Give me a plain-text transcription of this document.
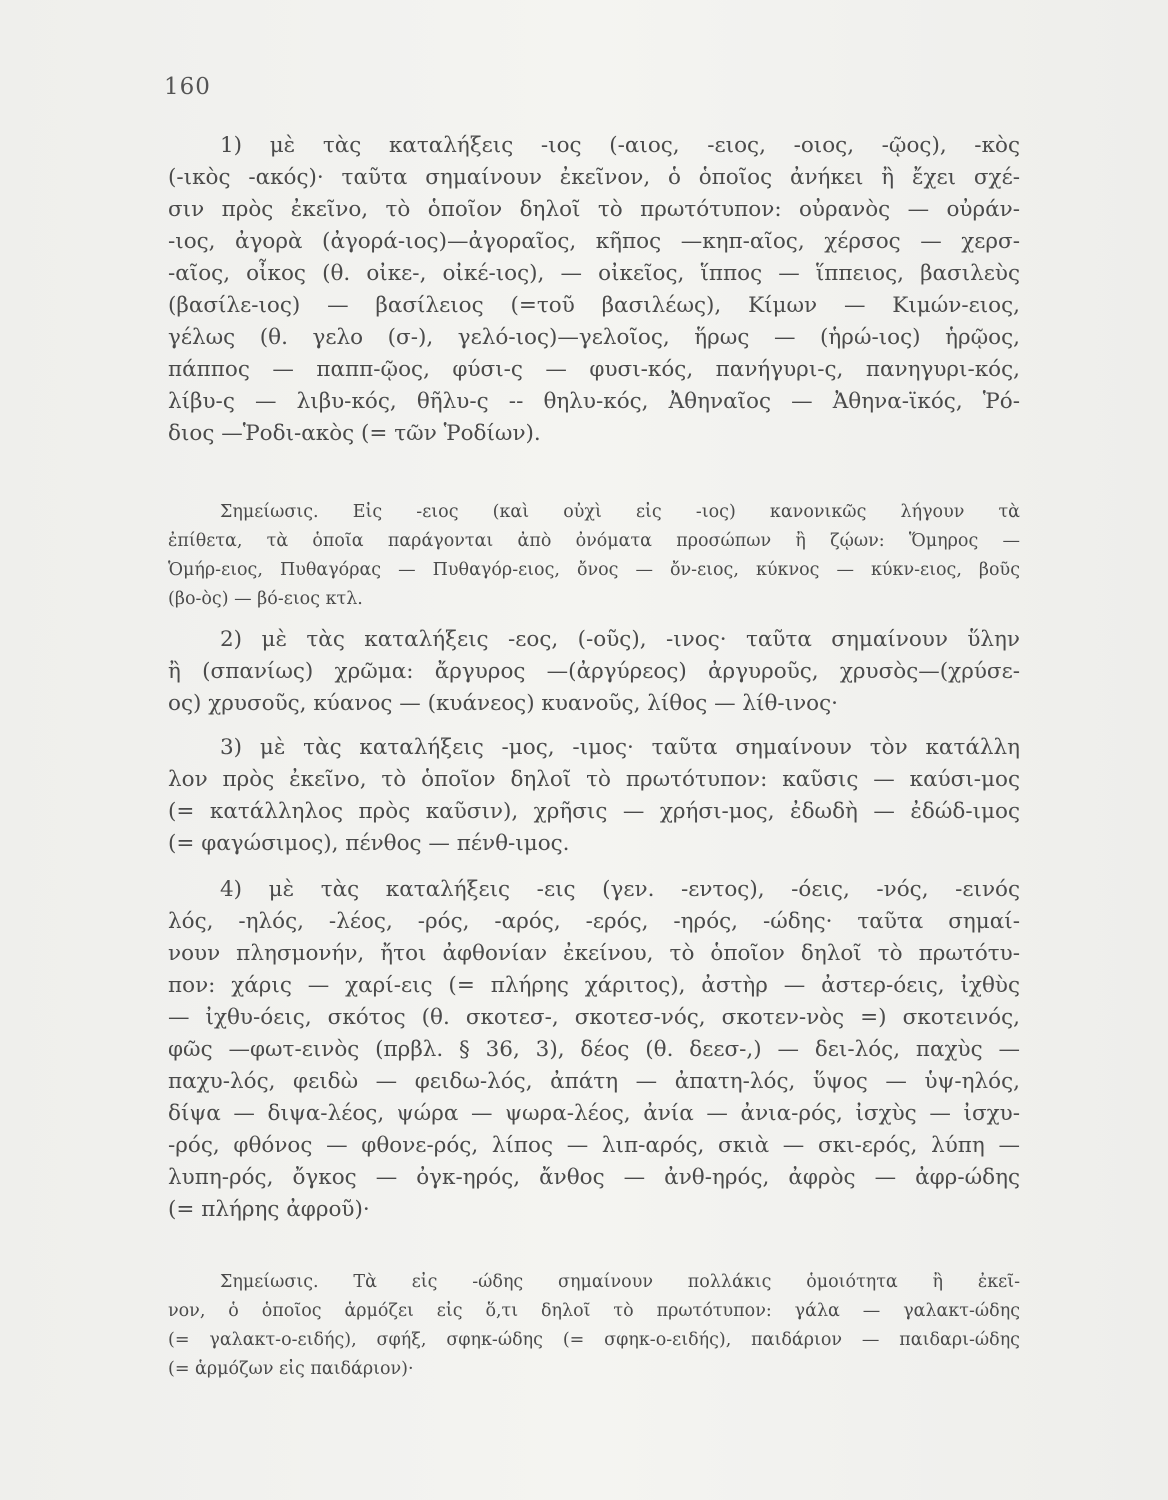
160
1) μὲ τὰς καταλήξεις -ιος (-αιος, -ειος, -οιος, -ῷος), -κὸς
(-ικὸς -ακός)· ταῦτα σημαίνουν ἐκεῖνον, ὁ ὁποῖος ἀνήκει ἢ ἔχει σχέ-
σιν πρὸς ἐκεῖνο, τὸ ὁποῖον δηλοῖ τὸ πρωτότυπον: οὐρανὸς — οὐράν-
-ιος, ἀγορὰ (ἀγορά-ιος)—ἀγοραῖος, κῆπος —κηπ-αῖος, χέρσος — χερσ-
-αῖος, οἶκος (θ. οἰκε-, οἰκέ-ιος), — οἰκεῖος, ἵππος — ἵππειος, βασιλεὺς
(βασίλε-ιος) — βασίλειος (=τοῦ βασιλέως), Κίμων — Κιμών-ειος,
γέλως (θ. γελο (σ-), γελό-ιος)—γελοῖος, ἥρως — (ἡρώ-ιος) ἡρῷος,
πάππος — παππ-ῷος, φύσι-ς — φυσι-κός, πανήγυρι-ς, πανηγυρι-κός,
λίβυ-ς — λιβυ-κός, θῆλυ-ς -- θηλυ-κός, Ἀθηναῖος — Ἀθηνα-ϊκός, Ῥό-
διος —Ῥοδι-ακὸς (= τῶν Ῥοδίων).
Σημείωσις. Εἰς -ειος (καὶ οὐχὶ εἰς -ιος) κανονικῶς λήγουν τὰ
ἐπίθετα, τὰ ὁποῖα παράγονται ἀπὸ ὀνόματα προσώπων ἢ ζῴων: Ὅμηρος —
Ὁμήρ-ειος, Πυθαγόρας — Πυθαγόρ-ειος, ὄνος — ὄν-ειος, κύκνος — κύκν-ειος, βοῦς
(βο-ὸς) — βό-ειος κτλ.
2) μὲ τὰς καταλήξεις -εος, (-οῦς), -ινος· ταῦτα σημαίνουν ὕλην
ἢ (σπανίως) χρῶμα: ἄργυρος —(ἀργύρεος) ἀργυροῦς, χρυσὸς—(χρύσε-
ος) χρυσοῦς, κύανος — (κυάνεος) κυανοῦς, λίθος — λίθ-ινος·
3) μὲ τὰς καταλήξεις -μος, -ιμος· ταῦτα σημαίνουν τὸν κατάλλη
λον πρὸς ἐκεῖνο, τὸ ὁποῖον δηλοῖ τὸ πρωτότυπον: καῦσις — καύσι-μος
(= κατάλληλος πρὸς καῦσιν), χρῆσις — χρήσι-μος, ἐδωδὴ — ἐδώδ-ιμος
(= φαγώσιμος), πένθος — πένθ-ιμος.
4) μὲ τὰς καταλήξεις -εις (γεν. -εντος), -όεις, -νός, -εινός
λός, -ηλός, -λέος, -ρός, -αρός, -ερός, -ηρός, -ώδης· ταῦτα σημαί-
νουν πλησμονήν, ἤτοι ἀφθονίαν ἐκείνου, τὸ ὁποῖον δηλοῖ τὸ πρωτότυ-
πον: χάρις — χαρί-εις (= πλήρης χάριτος), ἀστὴρ — ἀστερ-όεις, ἰχθὺς
— ἰχθυ-όεις, σκότος (θ. σκοτεσ-, σκοτεσ-νός, σκοτεν-νὸς =) σκοτεινός,
φῶς —φωτ-εινὸς (πρβλ. § 36, 3), δέος (θ. δεεσ-,) — δει-λός, παχὺς —
παχυ-λός, φειδὼ — φειδω-λός, ἀπάτη — ἀπατη-λός, ὕψος — ὑψ-ηλός,
δίψα — διψα-λέος, ψώρα — ψωρα-λέος, ἀνία — ἀνια-ρός, ἰσχὺς — ἰσχυ-
-ρός, φθόνος — φθονε-ρός, λίπος — λιπ-αρός, σκιὰ — σκι-ερός, λύπη —
λυπη-ρός, ὄγκος — ὀγκ-ηρός, ἄνθος — ἀνθ-ηρός, ἀφρὸς — ἀφρ-ώδης
(= πλήρης ἀφροῦ)·
Σημείωσις. Τὰ εἰς -ώδης σημαίνουν πολλάκις ὁμοιότητα ἢ ἐκεῖ-
νον, ὁ ὁποῖος ἁρμόζει εἰς ὅ,τι δηλοῖ τὸ πρωτότυπον: γάλα — γαλακτ-ώδης
(= γαλακτ-ο-ειδής), σφήξ, σφηκ-ώδης (= σφηκ-ο-ειδής), παιδάριον — παιδαρι-ώδης
(= ἁρμόζων εἰς παιδάριον)·
